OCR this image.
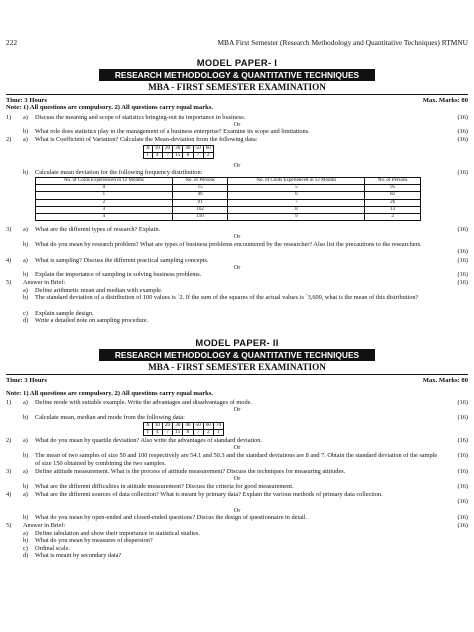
222	MBA First Semester (Research Methodology and Quantitative Techniques) RTMNU
MODEL PAPER- I
RESEARCH METHODOLOGY & QUANTITATIVE TECHNIQUES
MBA - FIRST SEMESTER EXAMINATION
Time: 3 Hours	Max. Marks: 80
Note: 1) All questions are compulsory. 2) All questions carry equal marks.
1)	a)	Discuss the meaning and scope of statistics bringing-out its importance in business.	(16)
Or
b)	What role does statistics play in the management of a business enterprise? Examine its scope and limitations.	(16)
2)	a)	What is Coefficient of Variation? Calculate the Mean-deviation from the following data:	(16)
X	10	20	30	40	50	60
f	4	7	15	8	7	2
Or
b)	Calculate mean deviation for the following frequency distribution:	(16)
No. of Colds Experienced in 12 Months	No. of Persons	No. of Colds Experienced in 12 Months	No. of Persons
0	15	5	95
1	46	6	82
2	91	7	26
3	162	8	13
4	110	9	2
3)	a)	What are the different types of research? Explain.	(16)
Or
b)	What do you mean by research problem? What are types of business problems encountered by the researcher? Also list the precautions to the researchers.
(16)
4)	a)	What is sampling? Discuss the different practical sampling concepts.	(16)
Or
b)	Explain the importance of sampling in solving business problems.	(16)
5)	Answer in Brief:	(16)
a)	Define arithmetic mean and median with example.
b)	The standard deviation of a distribution of 100 values is `2. If the sum of the squares of the actual values is `3,600, what is the mean of this distribution?
c)	Explain sample design.
d)	Write a detailed note on sampling procedure.
MODEL PAPER- II
RESEARCH METHODOLOGY & QUANTITATIVE TECHNIQUES
MBA - FIRST SEMESTER EXAMINATION
Time: 3 Hours	Max. Marks: 80
Note: 1) All questions are compulsory. 2) All questions carry equal marks.
1)	a)	Define mode with suitable example. Write the advantages and disadvantages of mode.	(16)
Or
b)	Calculate mean, median and mode from the following data:	(16)
X	10	20	30	40	50	60	70
f	4	7	15	8	7	2	1
2)	a)	What do you mean by quartile deviation? Also write the advantages of standard deviation.	(16)
Or
b)	The mean of two samples of size 50 and 100 respectively are 54.1 and 50.3 and the standard deviations are 8 and 7. Obtain the standard deviation of the sample of size 150 obtained by combining the two samples.
(16)
3)	a)	Define attitude measurement. What is the process of attitude measurement? Discuss the techniques for measuring attitudes.	(16)
Or
b)	What are the different difficulties in attitude measurement? Discuss the criteria for good measurement.	(16)
4)	a)	What are the different sources of data collection? What is meant by primary data? Explain the various methods of primary data collection.
(16)
Or
b)	What do you mean by open-ended and closed-ended questions? Discus the design of questionnaire in detail.	(16)
5)	Answer in Brief:	(16)
a)	Define tabulation and show their importance in statistical studies.
b)	What do you mean by measures of dispersion?
c)	Ordinal scale.
d)	What is meant by secondary data?
